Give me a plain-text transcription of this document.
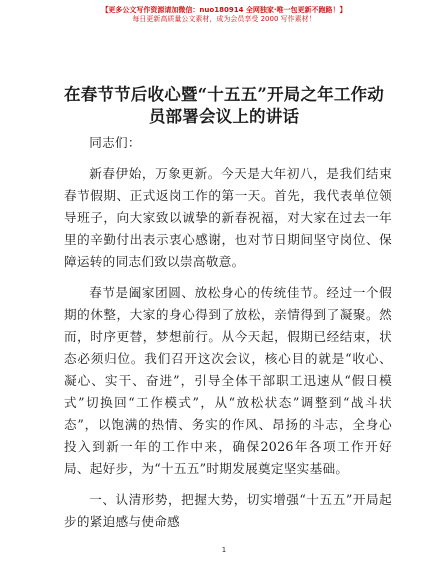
【更多公文写作资源请加微信：nuo180914 全网独家·唯一包更新不跑路！】
每日更新高质量公文素材，成为会员享受 2000 写作素材！
在春节节后收心暨“十五五”开局之年工作动员部署会议上的讲话

同志们：

新春伊始，万象更新。今天是大年初八，是我们结束春节假期、正式返岗工作的第一天。首先，我代表单位领导班子，向大家致以诚挚的新春祝福，对大家在过去一年里的辛勤付出表示衷心感谢，也对节日期间坚守岗位、保障运转的同志们致以崇高敬意。

春节是阖家团圆、放松身心的传统佳节。经过一个假期的休整，大家的身心得到了放松，亲情得到了凝聚。然而，时序更替，梦想前行。从今天起，假期已经结束，状态必须归位。我们召开这次会议，核心目的就是“收心、凝心、实干、奋进”，引导全体干部职工迅速从“假日模式”切换回“工作模式”，从“放松状态”调整到“战斗状态”，以饱满的热情、务实的作风、昂扬的斗志，全身心投入到新一年的工作中来，确保2026年各项工作开好局、起好步，为“十五五”时期发展奠定坚实基础。

一、认清形势，把握大势，切实增强“十五五”开局起步的紧迫感与使命感

1
